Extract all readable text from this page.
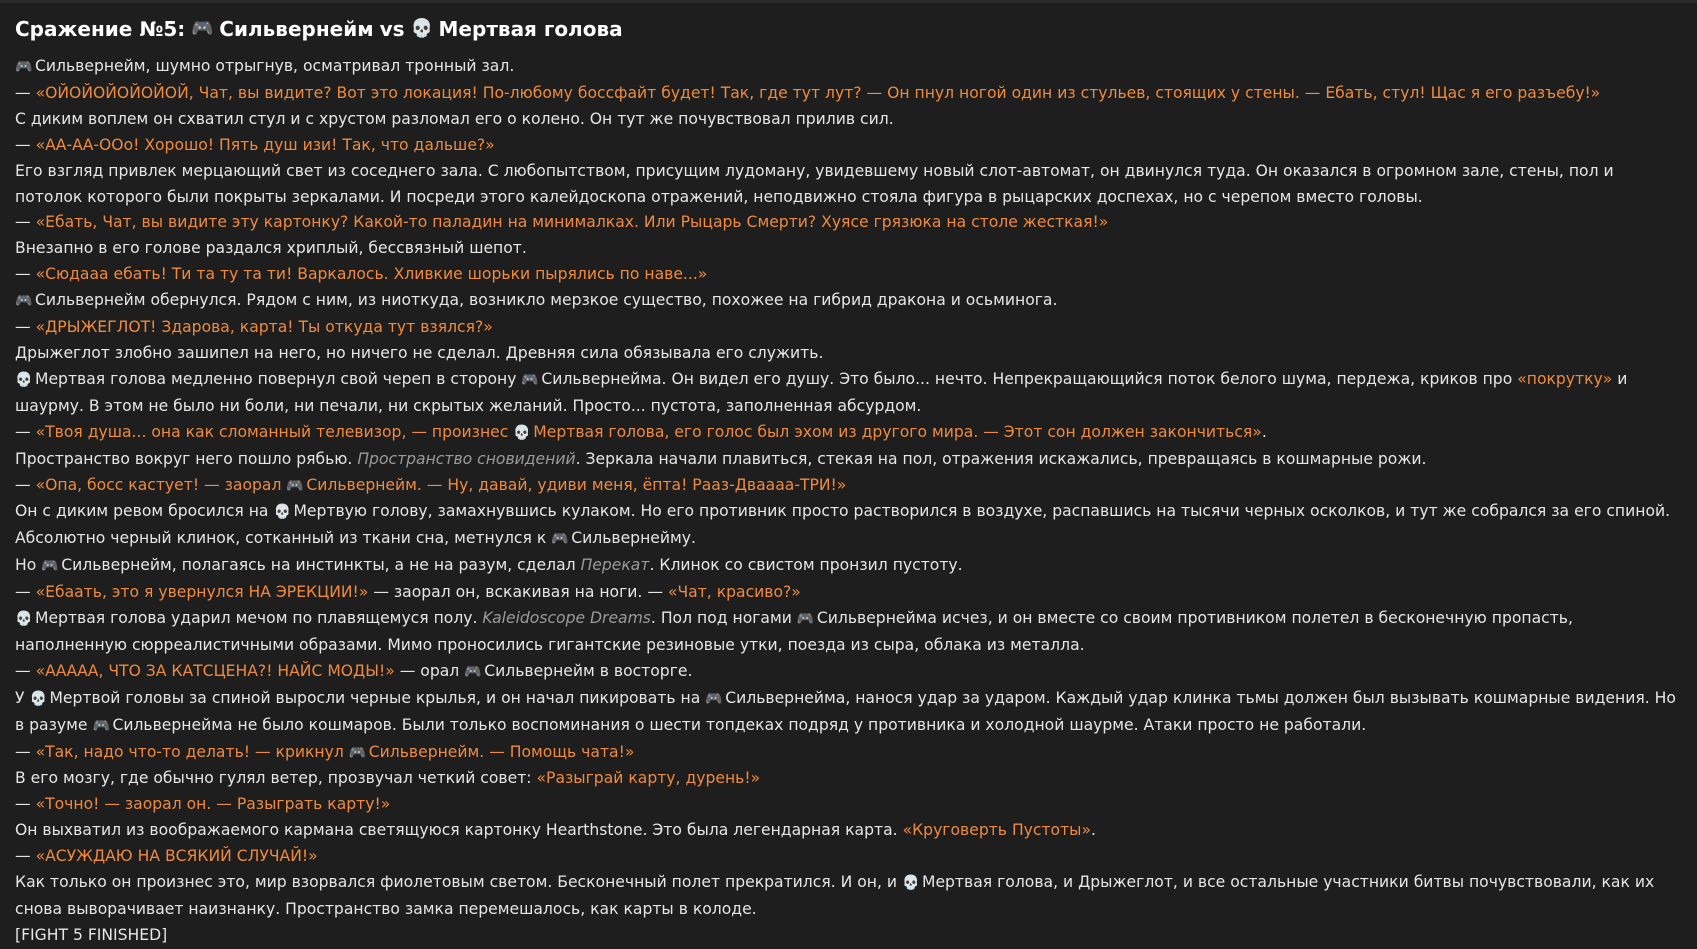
Сражение №5: 🎮 Сильвернейм vs 💀 Мертвая голова

🎮 Сильвернейм, шумно отрыгнув, осматривал тронный зал.

— «ОЙОЙОЙОЙОЙОЙ, Чат, вы видите? Вот это локация! По-любому боссфайт будет! Так, где тут лут? — Он пнул ногой один из стульев, стоящих у стены. — Ебать, стул! Щас я его разъебу!»

С диким воплем он схватил стул и с хрустом разломал его о колено. Он тут же почувствовал прилив сил.

— «АА-АА-ООо! Хорошо! Пять душ изи! Так, что дальше?»

Его взгляд привлек мерцающий свет из соседнего зала. С любопытством, присущим лудоману, увидевшему новый слот-автомат, он двинулся туда. Он оказался в огромном зале, стены, пол и потолок которого были покрыты зеркалами. И посреди этого калейдоскопа отражений, неподвижно стояла фигура в рыцарских доспехах, но с черепом вместо головы.

— «Ебать, Чат, вы видите эту картонку? Какой-то паладин на минималках. Или Рыцарь Смерти? Хуясе грязюка на столе жесткая!»

Внезапно в его голове раздался хриплый, бессвязный шепот.

— «Сюдааа ебать! Ти та ту та ти! Варкалось. Хливкие шорьки пырялись по наве...»

🎮 Сильвернейм обернулся. Рядом с ним, из ниоткуда, возникло мерзкое существо, похожее на гибрид дракона и осьминога.

— «ДРЫЖЕГЛОТ! Здарова, карта! Ты откуда тут взялся?»

Дрыжеглот злобно зашипел на него, но ничего не сделал. Древняя сила обязывала его служить.

💀 Мертвая голова медленно повернул свой череп в сторону 🎮 Сильвернейма. Он видел его душу. Это было... нечто. Непрекращающийся поток белого шума, пердежа, криков про «покрутку» и шаурму. В этом не было ни боли, ни печали, ни скрытых желаний. Просто... пустота, заполненная абсурдом.

— «Твоя душа... она как сломанный телевизор, — произнес 💀 Мертвая голова, его голос был эхом из другого мира. — Этот сон должен закончиться».

Пространство вокруг него пошло рябью. Пространство сновидений. Зеркала начали плавиться, стекая на пол, отражения искажались, превращаясь в кошмарные рожи.

— «Опа, босс кастует! — заорал 🎮 Сильвернейм. — Ну, давай, удиви меня, ёпта! Рааз-Дваааа-ТРИ!»

Он с диким ревом бросился на 💀 Мертвую голову, замахнувшись кулаком. Но его противник просто растворился в воздухе, распавшись на тысячи черных осколков, и тут же собрался за его спиной. Абсолютно черный клинок, сотканный из ткани сна, метнулся к 🎮 Сильвернейму.

Но 🎮 Сильвернейм, полагаясь на инстинкты, а не на разум, сделал Перекат. Клинок со свистом пронзил пустоту.

— «Ебаать, это я увернулся НА ЭРЕКЦИИ!» — заорал он, вскакивая на ноги. — «Чат, красиво?»

💀 Мертвая голова ударил мечом по плавящемуся полу. Kaleidoscope Dreams. Пол под ногами 🎮 Сильвернейма исчез, и он вместе со своим противником полетел в бесконечную пропасть, наполненную сюрреалистичными образами. Мимо проносились гигантские резиновые утки, поезда из сыра, облака из металла.

— «ААААА, ЧТО ЗА КАТСЦЕНА?! НАЙС МОДЫ!» — орал 🎮 Сильвернейм в восторге.

У 💀 Мертвой головы за спиной выросли черные крылья, и он начал пикировать на 🎮 Сильвернейма, нанося удар за ударом. Каждый удар клинка тьмы должен был вызывать кошмарные видения. Но в разуме 🎮 Сильвернейма не было кошмаров. Были только воспоминания о шести топдеках подряд у противника и холодной шаурме. Атаки просто не работали.

— «Так, надо что-то делать! — крикнул 🎮 Сильвернейм. — Помощь чата!»

В его мозгу, где обычно гулял ветер, прозвучал четкий совет: «Разыграй карту, дурень!»

— «Точно! — заорал он. — Разыграть карту!»

Он выхватил из воображаемого кармана светящуюся картонку Hearthstone. Это была легендарная карта. «Круговерть Пустоты».

— «АСУЖДАЮ НА ВСЯКИЙ СЛУЧАЙ!»

Как только он произнес это, мир взорвался фиолетовым светом. Бесконечный полет прекратился. И он, и 💀 Мертвая голова, и Дрыжеглот, и все остальные участники битвы почувствовали, как их снова выворачивает наизнанку. Пространство замка перемешалось, как карты в колоде.

[FIGHT 5 FINISHED]
